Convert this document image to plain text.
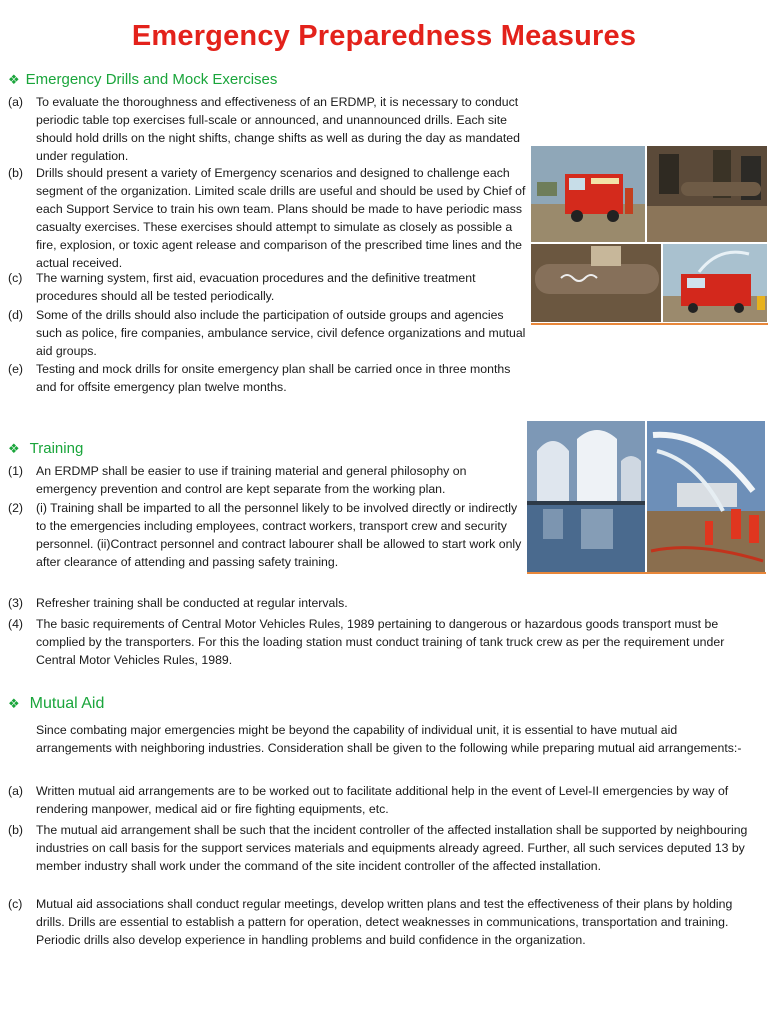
Emergency Preparedness Measures
❖ Emergency Drills and Mock Exercises
(a) To evaluate the thoroughness and effectiveness of an ERDMP, it is necessary to conduct periodic table top exercises full-scale or announced, and unannounced drills. Each site should hold drills on the night shifts, change shifts as well as during the day as mandated under regulation.
(b) Drills should present a variety of Emergency scenarios and designed to challenge each segment of the organization. Limited scale drills are useful and should be used by Chief of each Support Service to train his own team. Plans should be made to have periodic mass casualty exercises. These exercises should attempt to simulate as closely as possible a fire, explosion, or toxic agent release and comparison of the prescribed time lines and the actual received.
(c) The warning system, first aid, evacuation procedures and the definitive treatment procedures should all be tested periodically.
(d) Some of the drills should also include the participation of outside groups and agencies such as police, fire companies, ambulance service, civil defence organizations and mutual aid groups.
(e) Testing and mock drills for onsite emergency plan shall be carried once in three months and for offsite emergency plan twelve months.
❖ Training
(1) An ERDMP shall be easier to use if training material and general philosophy on emergency prevention and control are kept separate from the working plan.
(2) (i) Training shall be imparted to all the personnel likely to be involved directly or indirectly to the emergencies including employees, contract workers, transport crew and security personnel. (ii)Contract personnel and contract labourer shall be allowed to start work only after clearance of attending and passing safety training.
(3) Refresher training shall be conducted at regular intervals.
(4) The basic requirements of Central Motor Vehicles Rules, 1989 pertaining to dangerous or hazardous goods transport must be complied by the transporters. For this the loading station must conduct training of tank truck crew as per the requirement under Central Motor Vehicles Rules, 1989.
❖ Mutual Aid
Since combating major emergencies might be beyond the capability of individual unit, it is essential to have mutual aid arrangements with neighboring industries. Consideration shall be given to the following while preparing mutual aid arrangements:-
(a) Written mutual aid arrangements are to be worked out to facilitate additional help in the event of Level-II emergencies by way of rendering manpower, medical aid or fire fighting equipments, etc.
(b) The mutual aid arrangement shall be such that the incident controller of the affected installation shall be supported by neighbouring industries on call basis for the support services materials and equipments already agreed. Further, all such services deputed 13 by member industry shall work under the command of the site incident controller of the affected installation.
(c) Mutual aid associations shall conduct regular meetings, develop written plans and test the effectiveness of their plans by holding drills. Drills are essential to establish a pattern for operation, detect weaknesses in communications, transportation and training. Periodic drills also develop experience in handling problems and build confidence in the organization.
